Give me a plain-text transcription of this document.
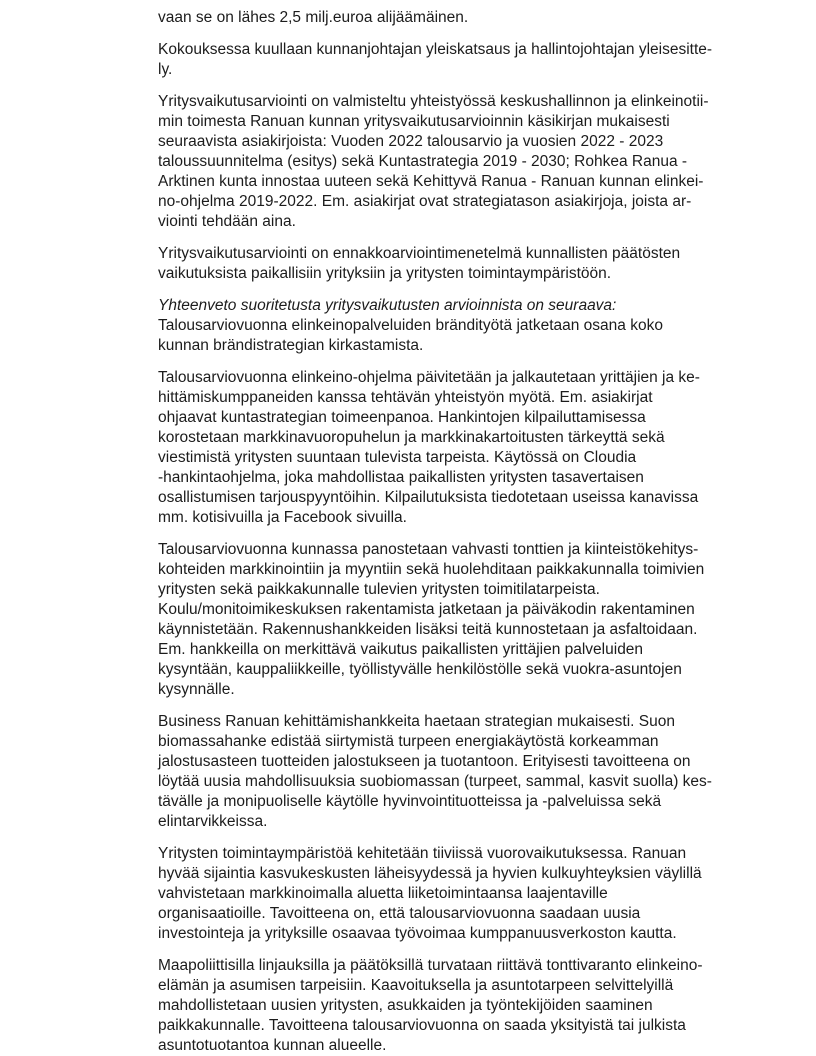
vaan se on lähes 2,5 milj.euroa alijäämäinen.
Kokouksessa kuullaan kunnanjohtajan yleiskatsaus ja hallintojohtajan yleisesitte-
ly.
Yritysvaikutusarviointi on valmisteltu yhteistyössä keskushallinnon ja elinkeinotii-
min toimesta Ranuan kunnan yritysvaikutusarvioinnin käsikirjan mukaisesti
seuraavista asiakirjoista: Vuoden 2022 talousarvio ja vuosien 2022 - 2023
taloussuunnitelma (esitys) sekä Kuntastrategia 2019 - 2030; Rohkea Ranua -
Arktinen kunta innostaa uuteen sekä Kehittyvä Ranua - Ranuan kunnan elinkei-
no-ohjelma 2019-2022. Em. asiakirjat ovat strategiatason asiakirjoja, joista ar-
viointi tehdään aina.
Yritysvaikutusarviointi on ennakkoarviointimenetelmä kunnallisten päätösten
vaikutuksista paikallisiin yrityksiin ja yritysten toimintaympäristöön.
Yhteenveto suoritetusta yritysvaikutusten arvioinnista on seuraava:
Talousarviovuonna elinkeinopalveluiden brändityötä jatketaan osana koko
kunnan brändistrategian kirkastamista.
Talousarviovuonna elinkeino-ohjelma päivitetään ja jalkautetaan yrittäjien ja ke-
hittämiskumppaneiden kanssa tehtävän yhteistyön myötä. Em. asiakirjat
ohjaavat kuntastrategian toimeenpanoa. Hankintojen kilpailuttamisessa
korostetaan markkinavuoropuhelun ja markkinakartoitusten tärkeyttä sekä
viestimistä yritysten suuntaan tulevista tarpeista. Käytössä on Cloudia
-hankintaohjelma, joka mahdollistaa paikallisten yritysten tasavertaisen
osallistumisen tarjouspyyntöihin. Kilpailutuksista tiedotetaan useissa kanavissa
mm. kotisivuilla ja Facebook sivuilla.
Talousarviovuonna kunnassa panostetaan vahvasti tonttien ja kiinteistökehitys-
kohteiden markkinointiin ja myyntiin sekä huolehditaan paikkakunnalla toimivien
yritysten sekä paikkakunnalle tulevien yritysten toimitilatarpeista.
Koulu/monitoimikeskuksen rakentamista jatketaan ja päiväkodin rakentaminen
käynnistetään. Rakennushankkeiden lisäksi teitä kunnostetaan ja asfaltoidaan.
Em. hankkeilla on merkittävä vaikutus paikallisten yrittäjien palveluiden
kysyntään, kauppaliikkeille, työllistyvälle henkilöstölle sekä vuokra-asuntojen
kysynnälle.
Business Ranuan kehittämishankkeita haetaan strategian mukaisesti. Suon
biomassahanke edistää siirtymistä turpeen energiakäytöstä korkeamman
jalostusasteen tuotteiden jalostukseen ja tuotantoon. Erityisesti tavoitteena on
löytää uusia mahdollisuuksia suobiomassan (turpeet, sammal, kasvit suolla) kes-
tävälle ja monipuoliselle käytölle hyvinvointituotteissa ja -palveluissa sekä
elintarvikkeissa.
Yritysten toimintaympäristöä kehitetään tiiviissä vuorovaikutuksessa. Ranuan
hyvää sijaintia kasvukeskusten läheisyydessä ja hyvien kulkuyhteyksien väylillä
vahvistetaan markkinoimalla aluetta liiketoimintaansa laajentaville
organisaatioille. Tavoitteena on, että talousarviovuonna saadaan uusia
investointeja ja yrityksille osaavaa työvoimaa kumppanuusverkoston kautta.
Maapoliittisilla linjauksilla ja päätöksillä turvataan riittävä tonttivaranto elinkeino-
elämän ja asumisen tarpeisiin. Kaavoituksella ja asuntotarpeen selvittelyillä
mahdollistetaan uusien yritysten, asukkaiden ja työntekijöiden saaminen
paikkakunnalle. Tavoitteena talousarviovuonna on saada yksityistä tai julkista
asuntotuotantoa kunnan alueelle.
